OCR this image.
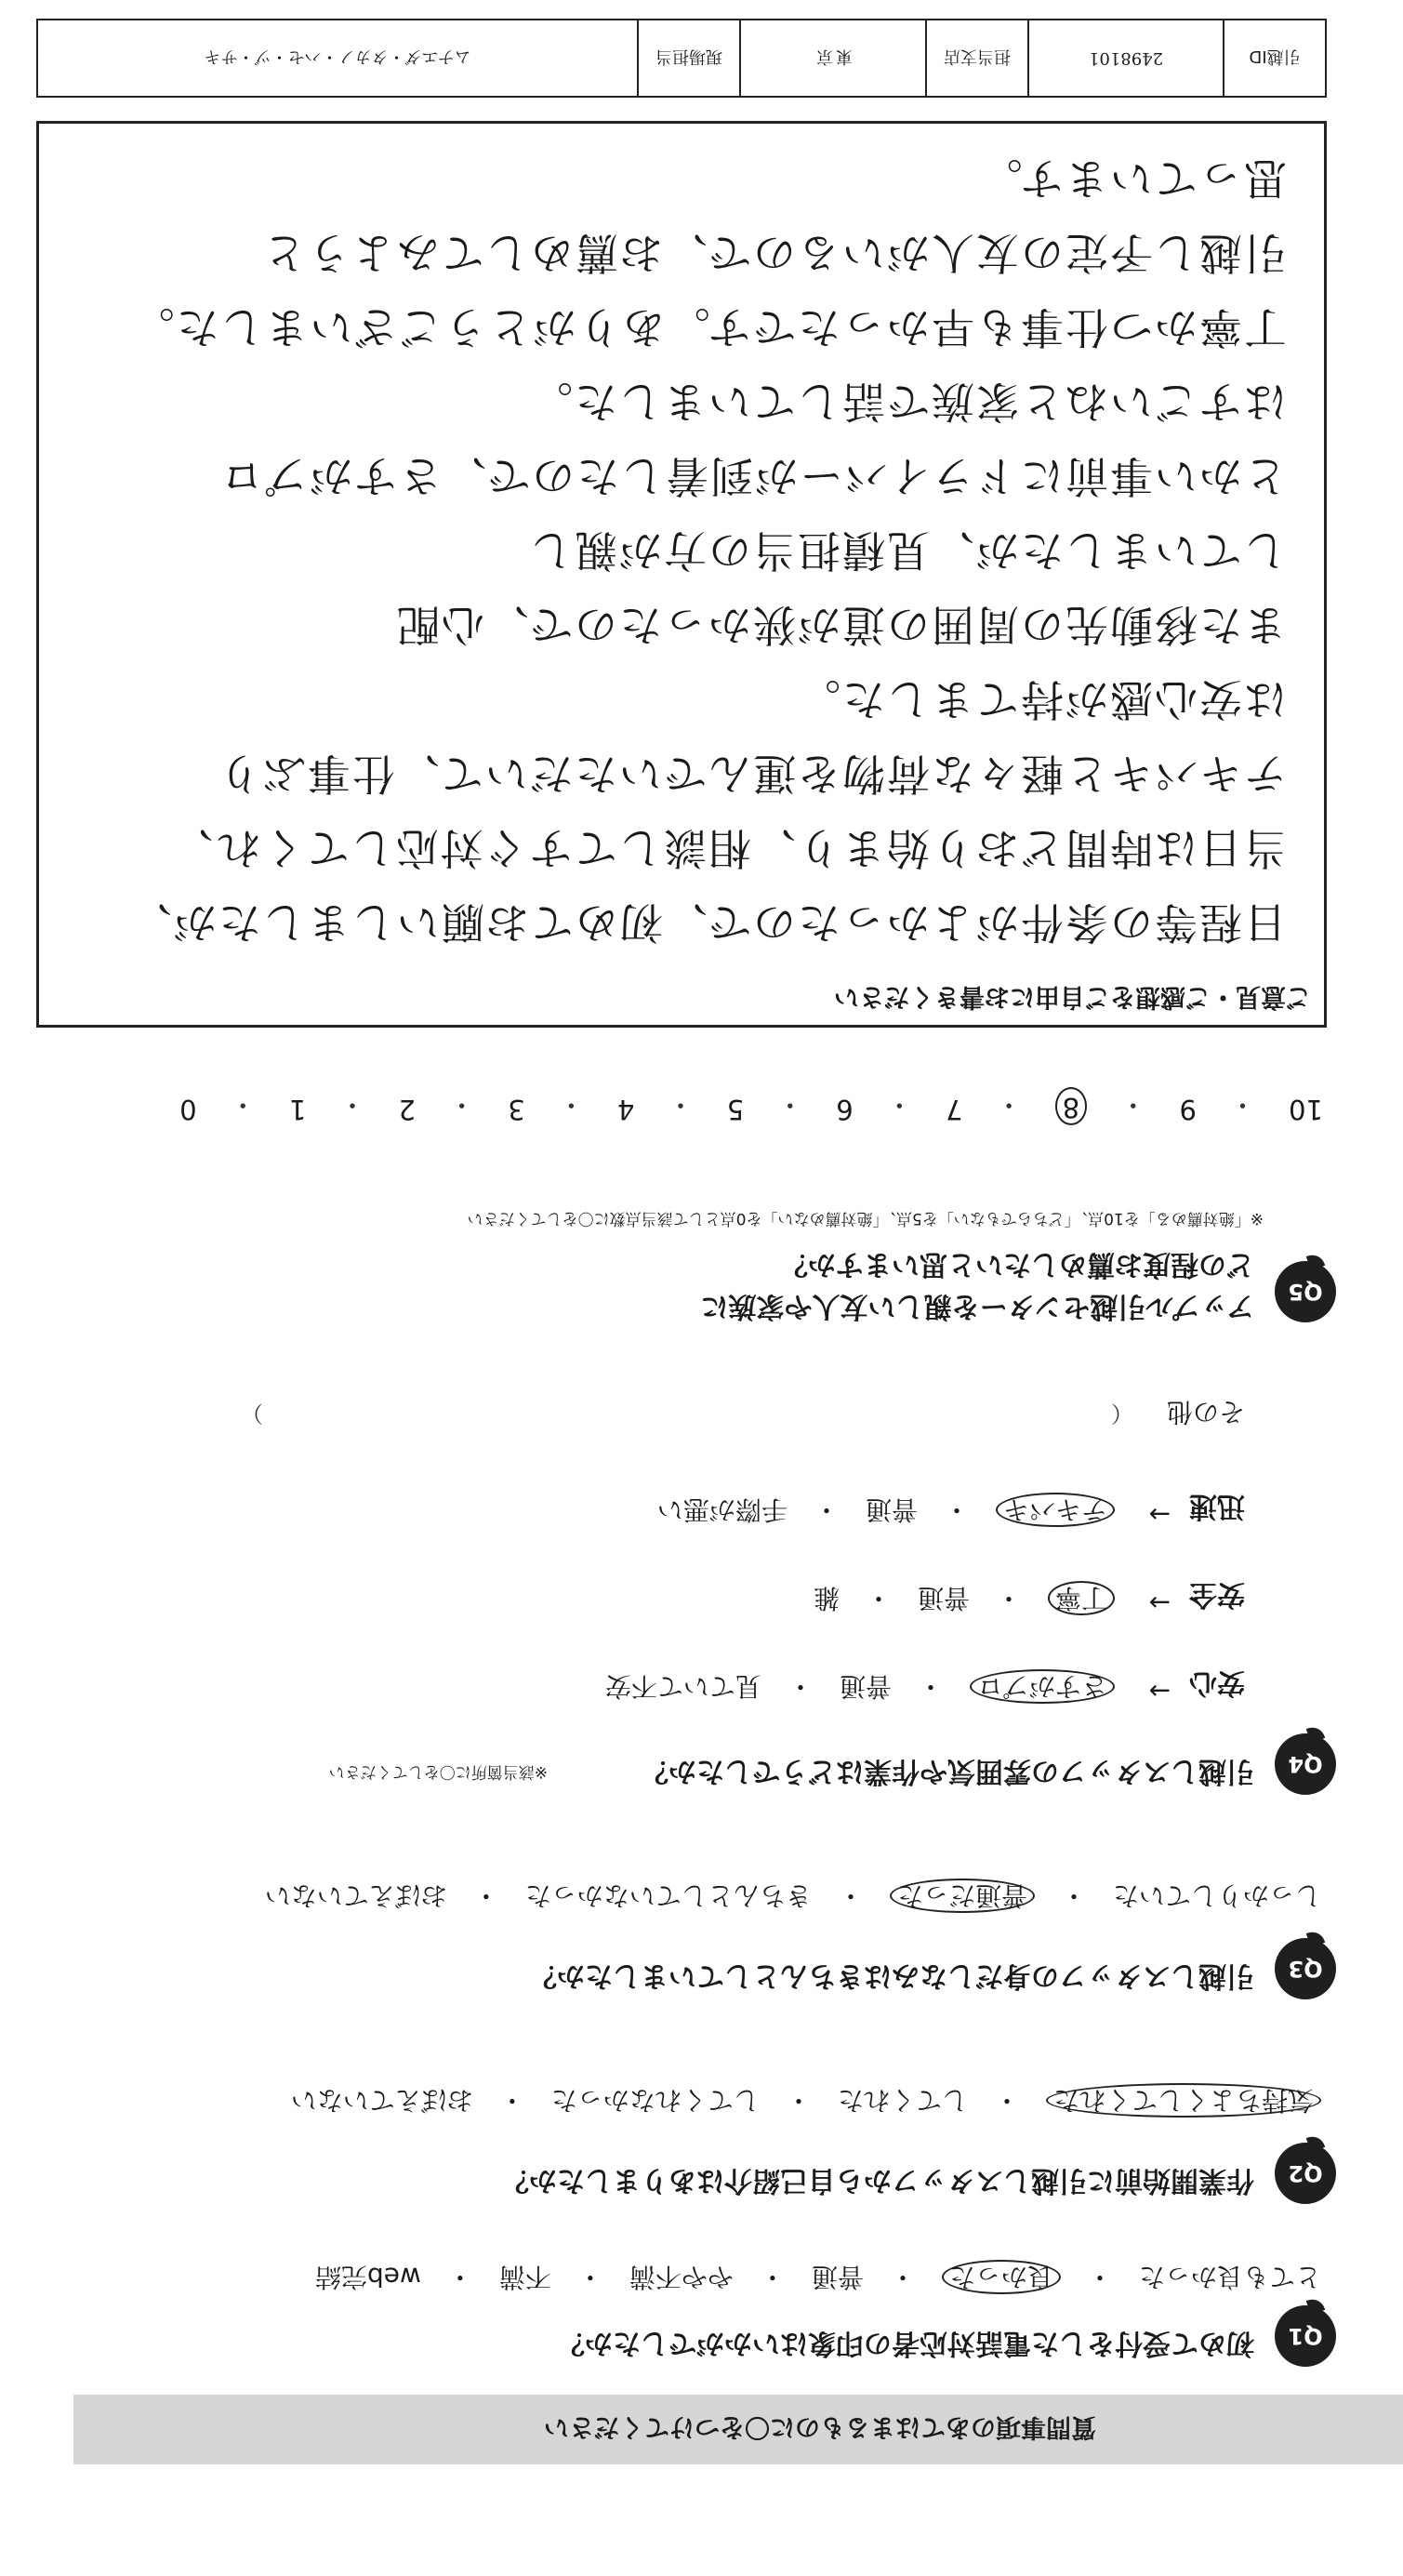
引越ID
2498101
担当支店
東京
現場担当
ムナエダ・タカノ・ハセ・ヅ・サキ
ご意見・ご感想をご自由にお書きください
日程等の条件がよかったので、初めてお願いしましたが、
当日は時間どおり始まり、相談してすぐ対応してくれ、
テキパキと軽々な荷物を運んでいただいて、仕事ぶり
は安心感が持てました。
また移動先の周囲の道が狭かったので、心配
していましたが、見積担当の方が親し
とかい事前にドライバーが到着したので、さすがプロ
はすごいねと家族で話していました。
丁寧かつ仕事も早かったです。ありがとうございました。
引越し予定の友人がいるので、お薦めしてみようと
思っています。
10
・
9
・
8
・
7
・
6
・
5
・
4
・
3
・
2
・
1
・
0
Q5
アップル引越センターを親しい友人や家族に
どの程度お薦めしたいと思いますか？
※「絶対薦める」を10点、「どちらでもない」を5点、「絶対薦めない」を0点として該当点数に〇をしてください
Q4
引越しスタッフの雰囲気や作業はどうでしたか？
※該当箇所に〇をしてください
安心
→
さすがプロ　・　普通　・　見ていて不安
安全
→
丁寧　・　普通　・　雑
迅速
→
テキパキ　・　普通　・　手際が悪い
その他
（　　　　　　　　　　　　　　　　　　　　　　　　　　　　　　　　　　　　　　）
Q3
引越しスタッフの身だしなみはきちんとしていましたか？
しっかりしていた　・　普通だった　・　きちんとしていなかった　・　おぼえていない
Q2
作業開始前に引越しスタッフから自己紹介はありましたか？
気持ちよくしてくれた　・　してくれた　・　してくれなかった　・　おぼえていない
Q1
初めて受付をした電話対応者の印象はいかがでしたか？
とても良かった　・　良かった　・　普通　・　やや不満　・　不満　・　web完結
質問事項のあてはまるものに〇をつけてください
